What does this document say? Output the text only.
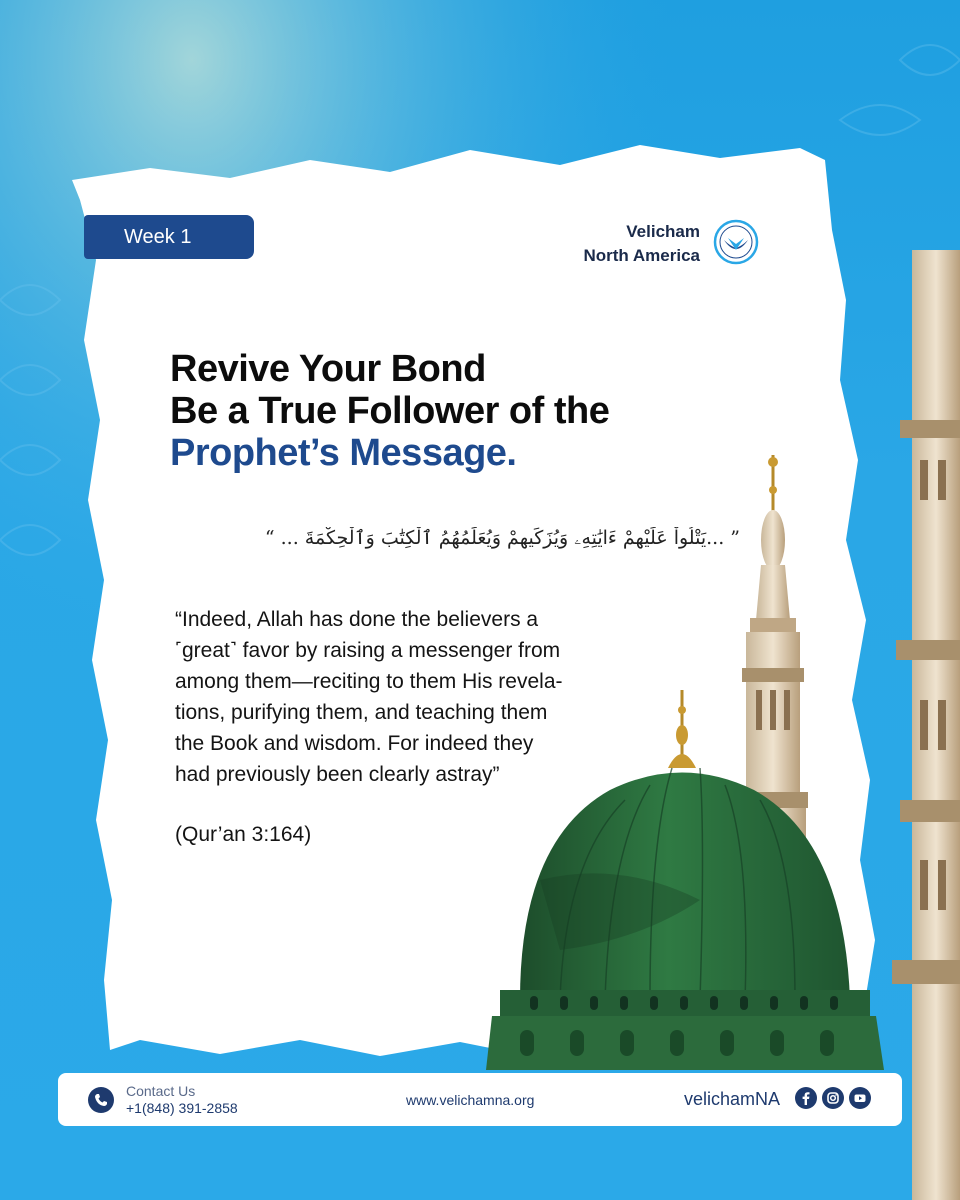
Week 1	Velicham
North America
Revive Your Bond
Be a True Follower of the
Prophet’s Message.
” ...يَتْلُواْ عَلَيْهِمْ ءَايَٰتِهِۦ وَيُزَكِّيهِمْ وَيُعَلِّمُهُمُ ٱلْكِتَٰبَ وَٱلْحِكْمَةَ ... “
“Indeed, Allah has done the believers a
˹great˺ favor by raising a messenger from
among them—reciting to them His revela-
tions, purifying them, and teaching them
the Book and wisdom. For indeed they
had previously been clearly astray”
(Qur’an 3:164)
Contact Us
+1(848) 391-2858	www.velichamna.org	velichamNA
